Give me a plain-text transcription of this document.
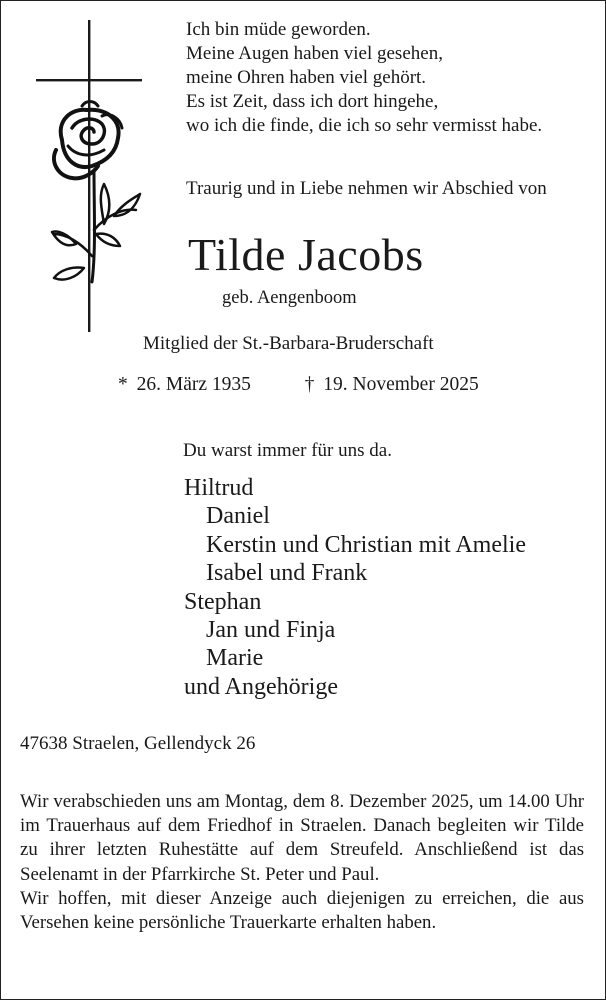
Ich bin müde geworden.
Meine Augen haben viel gesehen,
meine Ohren haben viel gehört.
Es ist Zeit, dass ich dort hingehe,
wo ich die finde, die ich so sehr vermisst habe.
Traurig und in Liebe nehmen wir Abschied von
Tilde Jacobs
geb. Aengenboom
Mitglied der St.-Barbara-Bruderschaft
* 26. März 1935	† 19. November 2025
Du warst immer für uns da.
Hiltrud
Daniel
Kerstin und Christian mit Amelie
Isabel und Frank
Stephan
Jan und Finja
Marie
und Angehörige
47638 Straelen, Gellendyck 26

Wir verabschieden uns am Montag, dem 8. Dezember 2025, um 14.00 Uhr im Trauerhaus auf dem Friedhof in Straelen. Danach begleiten wir Tilde zu ihrer letzten Ruhestätte auf dem Streufeld. Anschließend ist das Seelenamt in der Pfarrkirche St. Peter und Paul.

Wir hoffen, mit dieser Anzeige auch diejenigen zu erreichen, die aus Versehen keine persönliche Trauerkarte erhalten haben.
